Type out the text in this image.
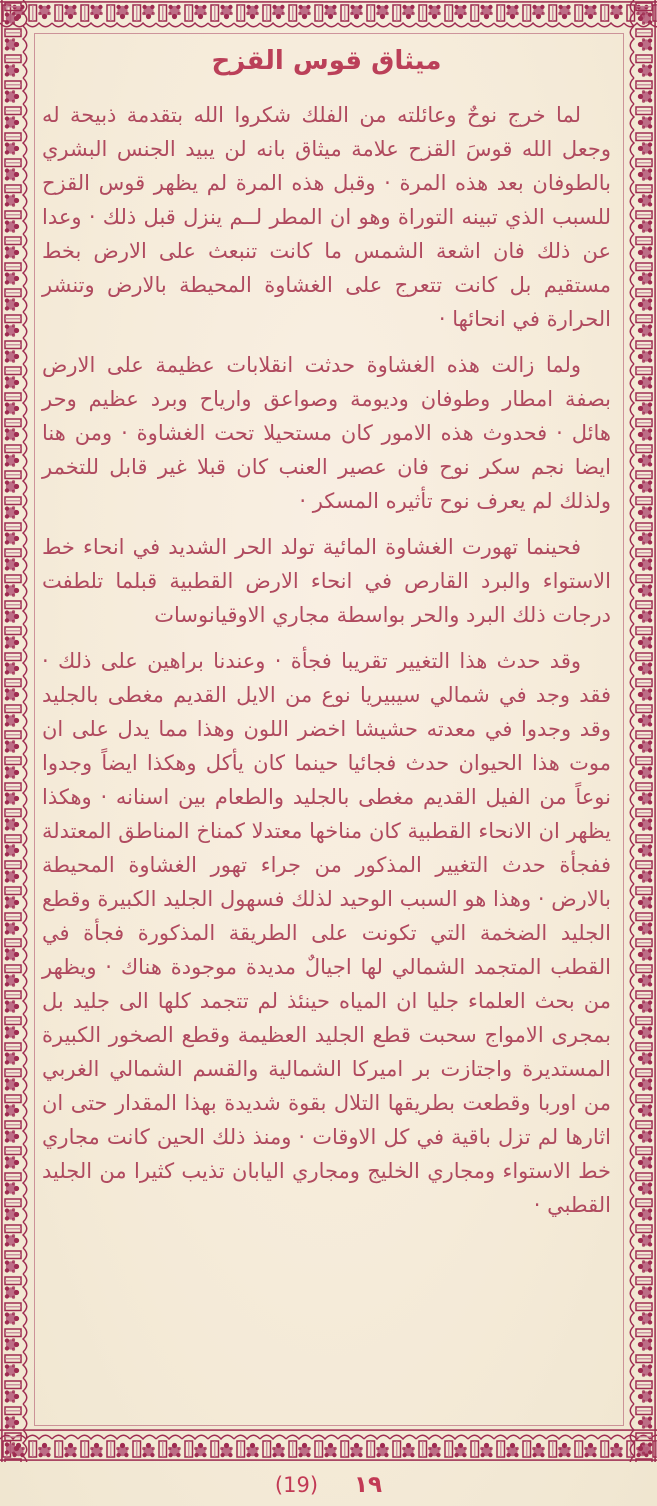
ميثاق قوس القزح

لما خرج نوحٌ وعائلته من الفلك شكروا الله بتقدمة ذبيحة له وجعل الله قوسَ القزح علامة ميثاق بانه لن يبيد الجنس البشري بالطوفان بعد هذه المرة · وقبل هذه المرة لم يظهر قوس القزح للسبب الذي تبينه التوراة وهو ان المطر لــم ينزل قبل ذلك · وعدا عن ذلك فان اشعة الشمس ما كانت تنبعث على الارض بخط مستقيم بل كانت تتعرج على الغشاوة المحيطة بالارض وتنشر الحرارة في انحائها ·

ولما زالت هذه الغشاوة حدثت انقلابات عظيمة على الارض بصفة امطار وطوفان وديومة وصواعق وارياح وبرد عظيم وحر هائل · فحدوث هذه الامور كان مستحيلا تحت الغشاوة · ومن هنا ايضا نجم سكر نوح فان عصير العنب كان قبلا غير قابل للتخمر ولذلك لم يعرف نوح تأثيره المسكر ·

فحينما تهورت الغشاوة المائية تولد الحر الشديد في انحاء خط الاستواء والبرد القارص في انحاء الارض القطبية قبلما تلطفت درجات ذلك البرد والحر بواسطة مجاري الاوقيانوسات

وقد حدث هذا التغيير تقريبا فجأة · وعندنا براهين على ذلك · فقد وجد في شمالي سيبيريا نوع من الايل القديم مغطى بالجليد وقد وجدوا في معدته حشيشا اخضر اللون وهذا مما يدل على ان موت هذا الحيوان حدث فجائيا حينما كان يأكل وهكذا ايضاً وجدوا نوعاً من الفيل القديم مغطى بالجليد والطعام بين اسنانه · وهكذا يظهر ان الانحاء القطبية كان مناخها معتدلا كمناخ المناطق المعتدلة ففجأة حدث التغيير المذكور من جراء تهور الغشاوة المحيطة بالارض · وهذا هو السبب الوحيد لذلك فسهول الجليد الكبيرة وقطع الجليد الضخمة التي تكونت على الطريقة المذكورة فجأة في القطب المتجمد الشمالي لها اجيالٌ مديدة موجودة هناك · ويظهر من بحث العلماء جليا ان المياه حينئذ لم تتجمد كلها الى جليد بل بمجرى الامواج سحبت قطع الجليد العظيمة وقطع الصخور الكبيرة المستديرة واجتازت بر اميركا الشمالية والقسم الشمالي الغربي من اوربا وقطعت بطريقها التلال بقوة شديدة بهذا المقدار حتى ان اثارها لم تزل باقية في كل الاوقات · ومنذ ذلك الحين كانت مجاري خط الاستواء ومجاري الخليج ومجاري اليابان تذيب كثيرا من الجليد القطبي ·

(19) ١٩
